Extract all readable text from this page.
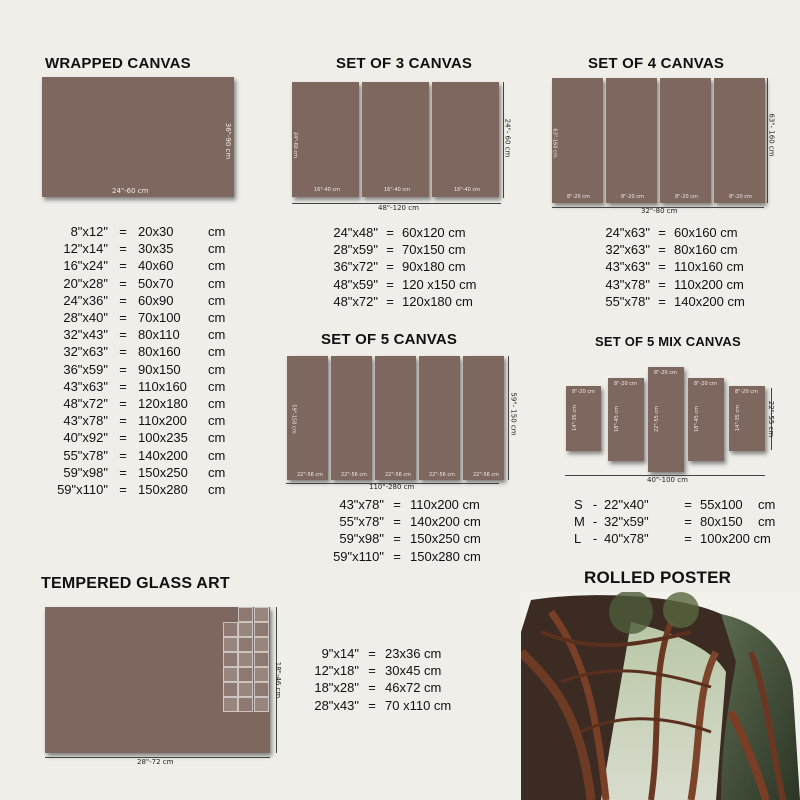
WRAPPED CANVAS
24"-60 cm
36"-90 cm
8"x12" = 20x30	cm
12"x14" = 30x35	cm
16"x24" = 40x60	cm
20"x28" = 50x70	cm
24"x36" = 60x90	cm
28"x40" = 70x100	cm
32"x43" = 80x110	cm
32"x63" = 80x160	cm
36"x59" = 90x150	cm
43"x63" = 110x160	cm
48"x72" = 120x180	cm
43"x78" = 110x200	cm
40"x92" = 100x235	cm
55"x78" = 140x200	cm
59"x98" = 150x250	cm
59"x110" = 150x280	cm
SET OF 3 CANVAS
16"-40 cm
24"-60 cm
16"-40 cm	16"-40 cm
48"-120 cm
24"- 60 cm
24"x48" = 60x120 cm
28"x59" = 70x150 cm
36"x72" = 90x180 cm
48"x59" = 120 x150 cm
48"x72" = 120x180 cm
SET OF 4 CANVAS
8"-20 cm
63"-160 cm
8"-20 cm	8"-20 cm	8"-20 cm
32"-80 cm
63"- 160 cm
24"x63" = 60x160 cm
32"x63" = 80x160 cm
43"x63" = 110x160 cm
43"x78" = 110x200 cm
55"x78" = 140x200 cm
SET OF 5 CANVAS
22"-56 cm
59"-150 cm
22"-56 cm	22"-56 cm	22"-56 cm	22"-56 cm
110"-280 cm
59"- 150 cm
43"x78" = 110x200 cm
55"x78" = 140x200 cm
59"x98" = 150x250 cm
59"x110" = 150x280 cm
SET OF 5 MIX CANVAS
8"-20 cm
14"-35 cm
8"-20 cm
18"-45 cm
8"-20 cm
22"-55 cm
8"-20 cm
18"-45 cm
8"-20 cm
14"-35 cm
40"-100 cm
22"-55 cm
S - 22"x40"	= 55x100	cm
M - 32"x59"	= 80x150	cm
L - 40"x78"	= 100x200 cm
TEMPERED GLASS ART
28"-72 cm
18"-46 cm
9"x14" = 23x36 cm
12"x18" = 30x45 cm
18"x28" = 46x72 cm
28"x43" = 70 x110 cm
ROLLED POSTER
